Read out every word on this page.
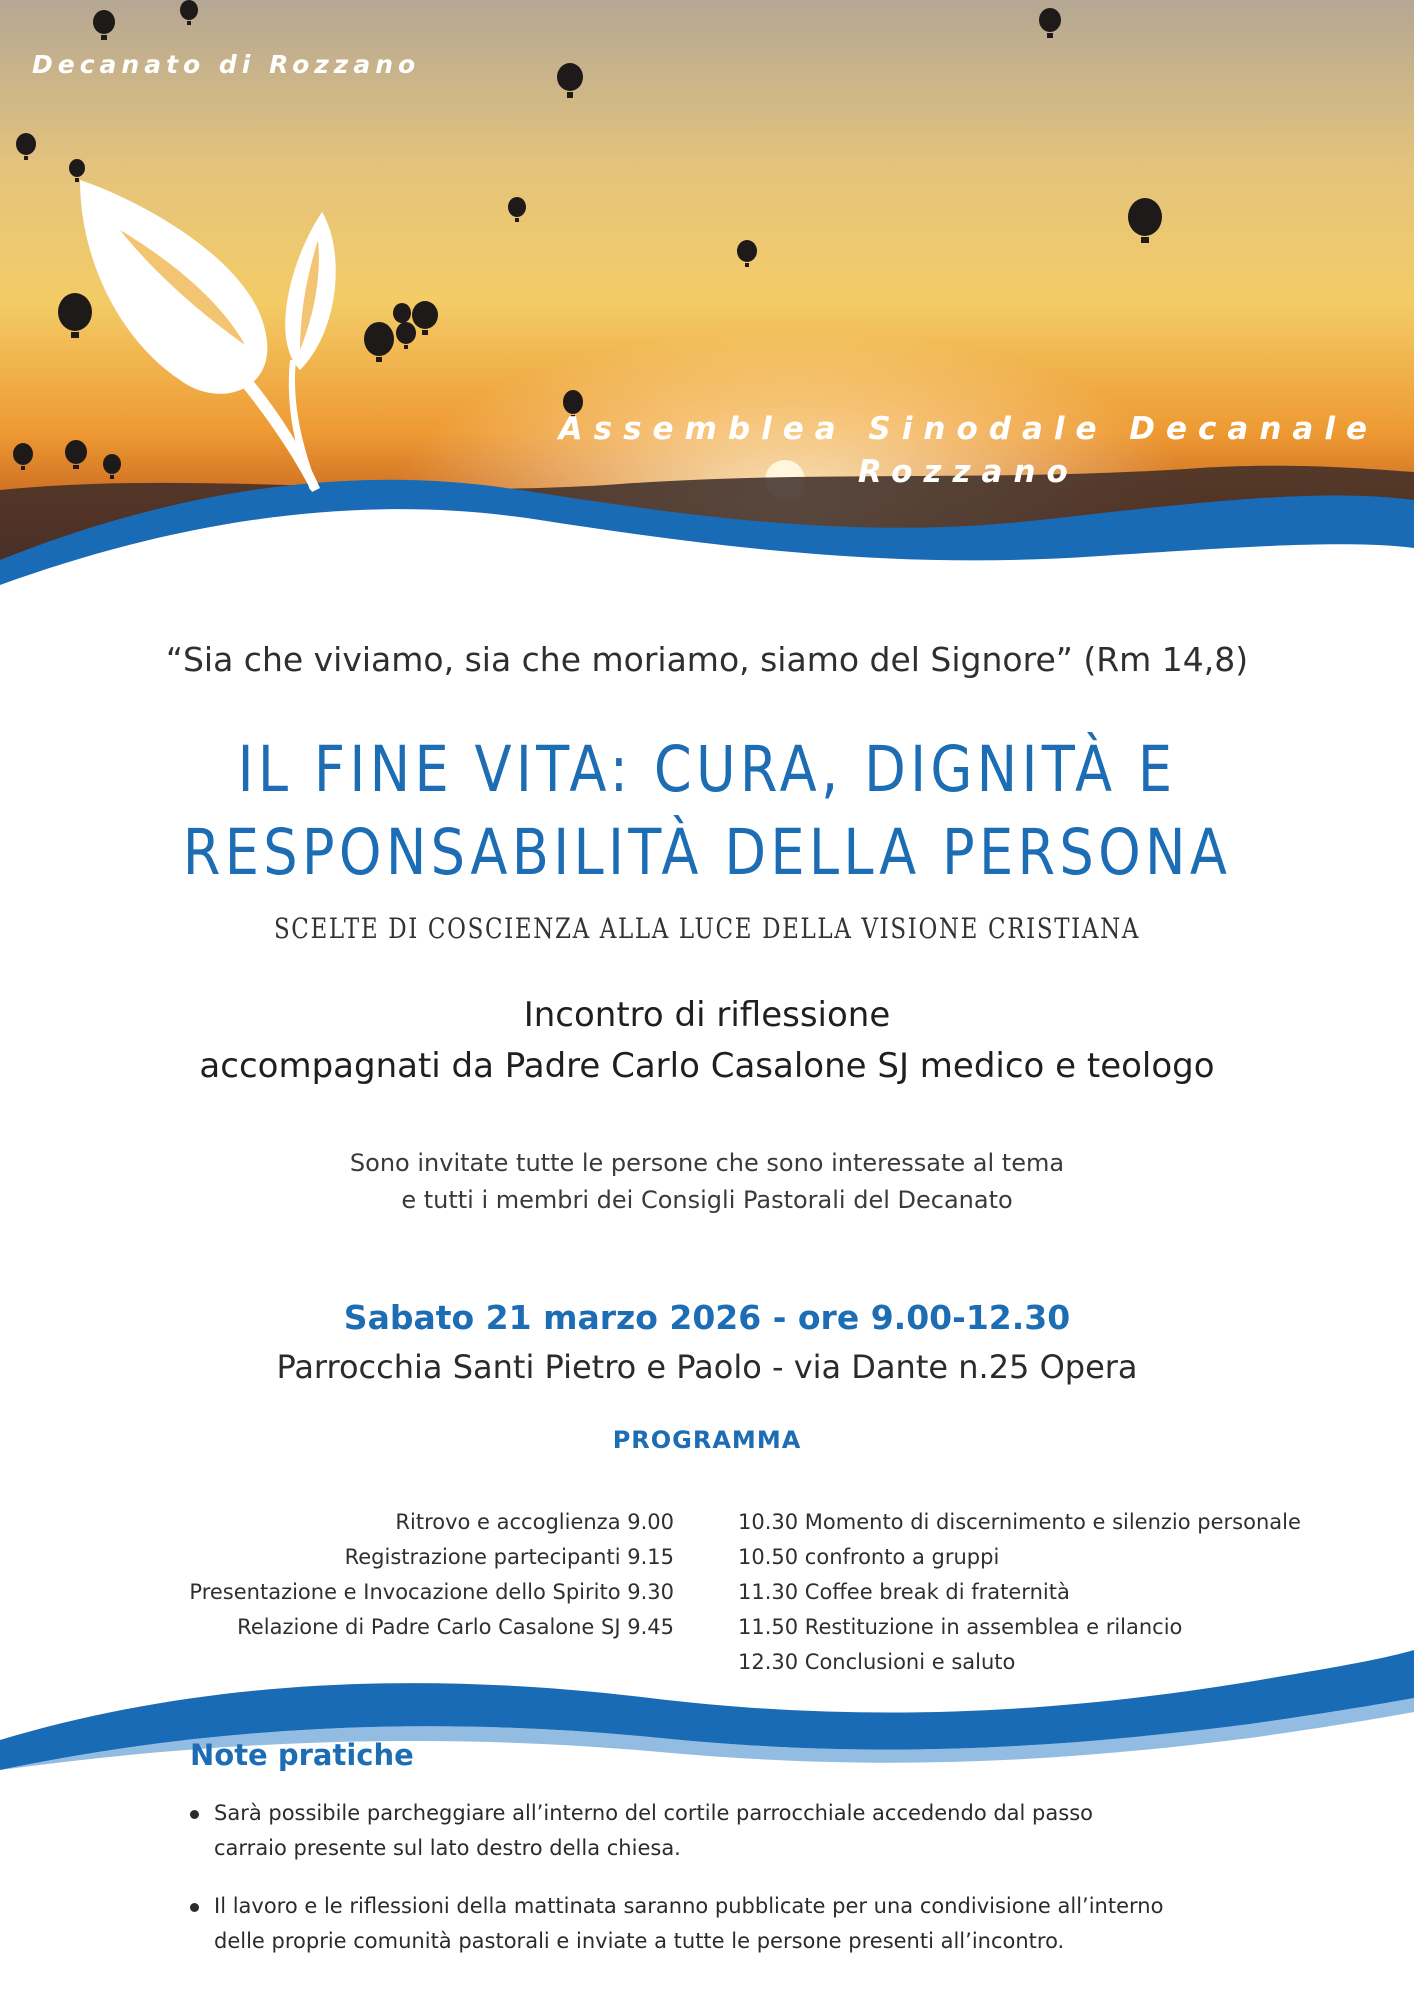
Decanato di Rozzano
Assemblea Sinodale Decanale
Rozzano
“Sia che viviamo, sia che moriamo, siamo del Signore” (Rm 14,8)
IL FINE VITA: CURA, DIGNITÀ E
RESPONSABILITÀ DELLA PERSONA
SCELTE DI COSCIENZA ALLA LUCE DELLA VISIONE CRISTIANA
Incontro di riflessione
accompagnati da Padre Carlo Casalone SJ medico e teologo
Sono invitate tutte le persone che sono interessate al tema
e tutti i membri dei Consigli Pastorali del Decanato
Sabato 21 marzo 2026 - ore 9.00-12.30
Parrocchia Santi Pietro e Paolo - via Dante n.25 Opera
PROGRAMMA
Ritrovo e accoglienza 9.00
Registrazione partecipanti 9.15
Presentazione e Invocazione dello Spirito 9.30
Relazione di Padre Carlo Casalone SJ 9.45
10.30 Momento di discernimento e silenzio personale
10.50 confronto a gruppi
11.30 Coffee break di fraternità
11.50 Restituzione in assemblea e rilancio
12.30 Conclusioni e saluto
Note pratiche
Sarà possibile parcheggiare all’interno del cortile parrocchiale accedendo dal passo
carraio presente sul lato destro della chiesa.
Il lavoro e le riflessioni della mattinata saranno pubblicate per una condivisione all’interno
delle proprie comunità pastorali e inviate a tutte le persone presenti all’incontro.
